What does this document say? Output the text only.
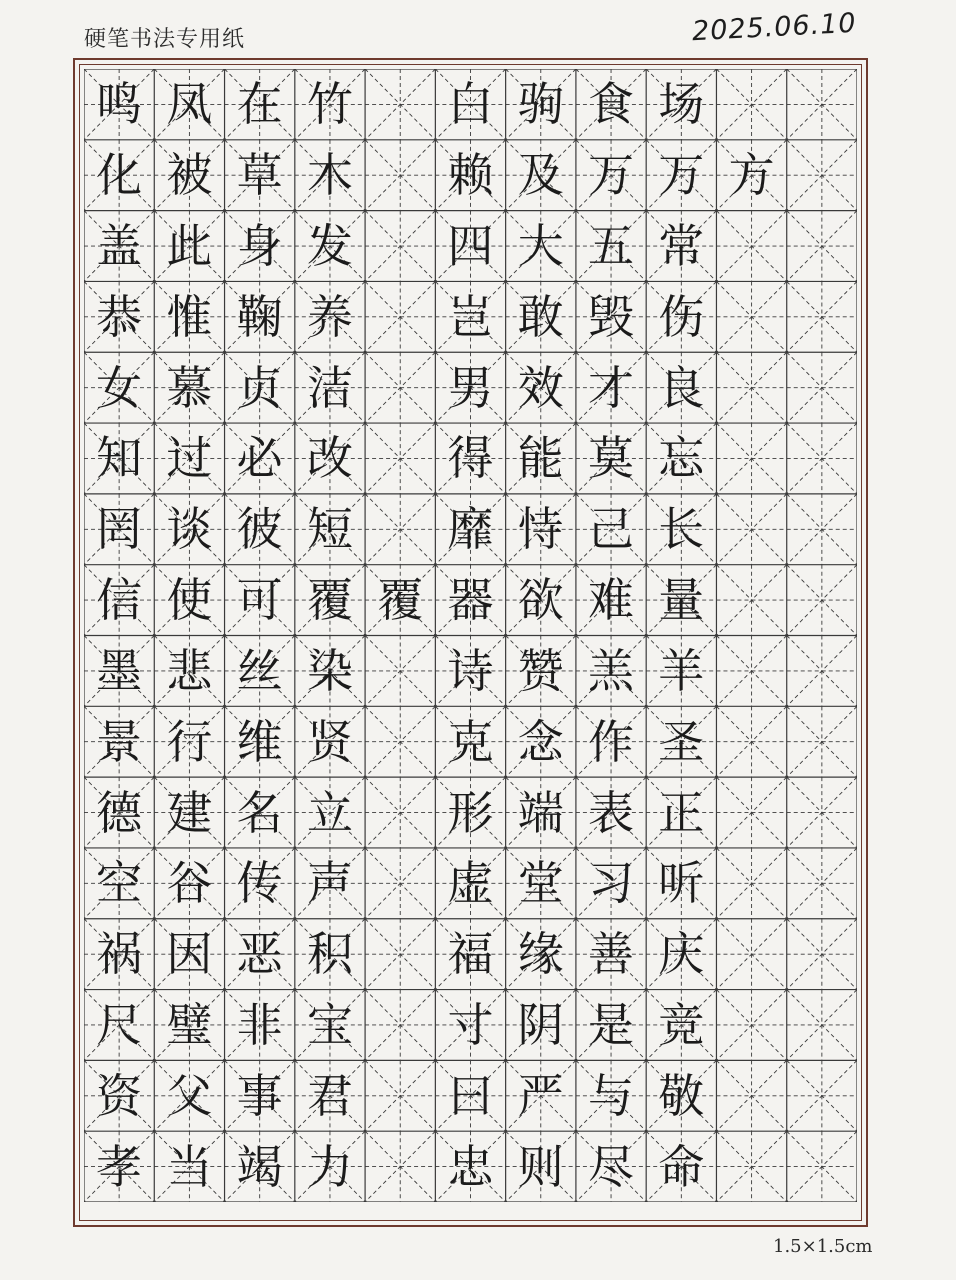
硬笔书法专用纸	2025.06.10
鸣 凤 在 竹 白 驹 食 场
化 被 草 木 赖 及 万 万 方
盖 此 身 发 四 大 五 常
恭 惟 鞠 养 岂 敢 毁 伤
女 慕 贞 洁 男 效 才 良
知 过 必 改 得 能 莫 忘
罔 谈 彼 短 靡 恃 己 长
信 使 可 覆 覆 器 欲 难 量
墨 悲 丝 染 诗 赞 羔 羊
景 行 维 贤 克 念 作 圣
德 建 名 立 形 端 表 正
空 谷 传 声 虚 堂 习 听
祸 因 恶 积 福 缘 善 庆
尺 璧 非 宝 寸 阴 是 竞
资 父 事 君 曰 严 与 敬
孝 当 竭 力 忠 则 尽 命
1.5×1.5cm
